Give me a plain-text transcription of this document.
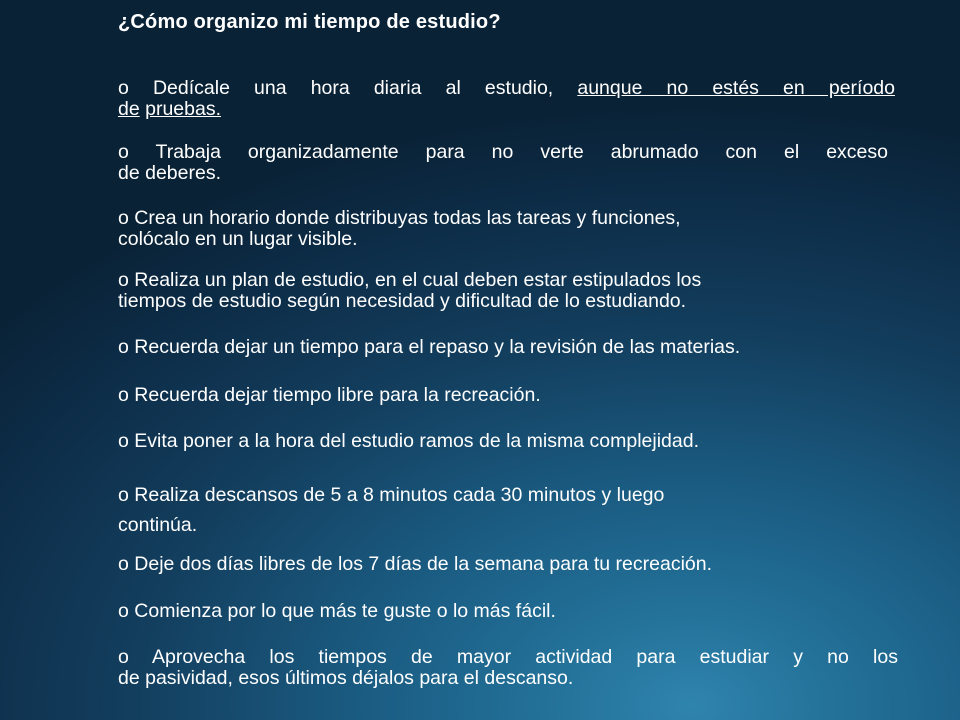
¿Cómo organizo mi tiempo de estudio?
o Dedícale una hora diaria al estudio, aunque no estés en período
de pruebas.
o Trabaja organizadamente para no verte abrumado con el exceso
de deberes.
o Crea un horario donde distribuyas todas las tareas y funciones,
colócalo en un lugar visible.
o Realiza un plan de estudio, en el cual deben estar estipulados los
tiempos de estudio según necesidad y dificultad de lo estudiando.
o Recuerda dejar un tiempo para el repaso y la revisión de las materias.
o Recuerda dejar tiempo libre para la recreación.
o Evita poner a la hora del estudio ramos de la misma complejidad.
o Realiza descansos de 5 a 8 minutos cada 30 minutos y luego
continúa.
o Deje dos días libres de los 7 días de la semana para tu recreación.
o Comienza por lo que más te guste o lo más fácil.
o Aprovecha los tiempos de mayor actividad para estudiar y no los
de pasividad, esos últimos déjalos para el descanso.
